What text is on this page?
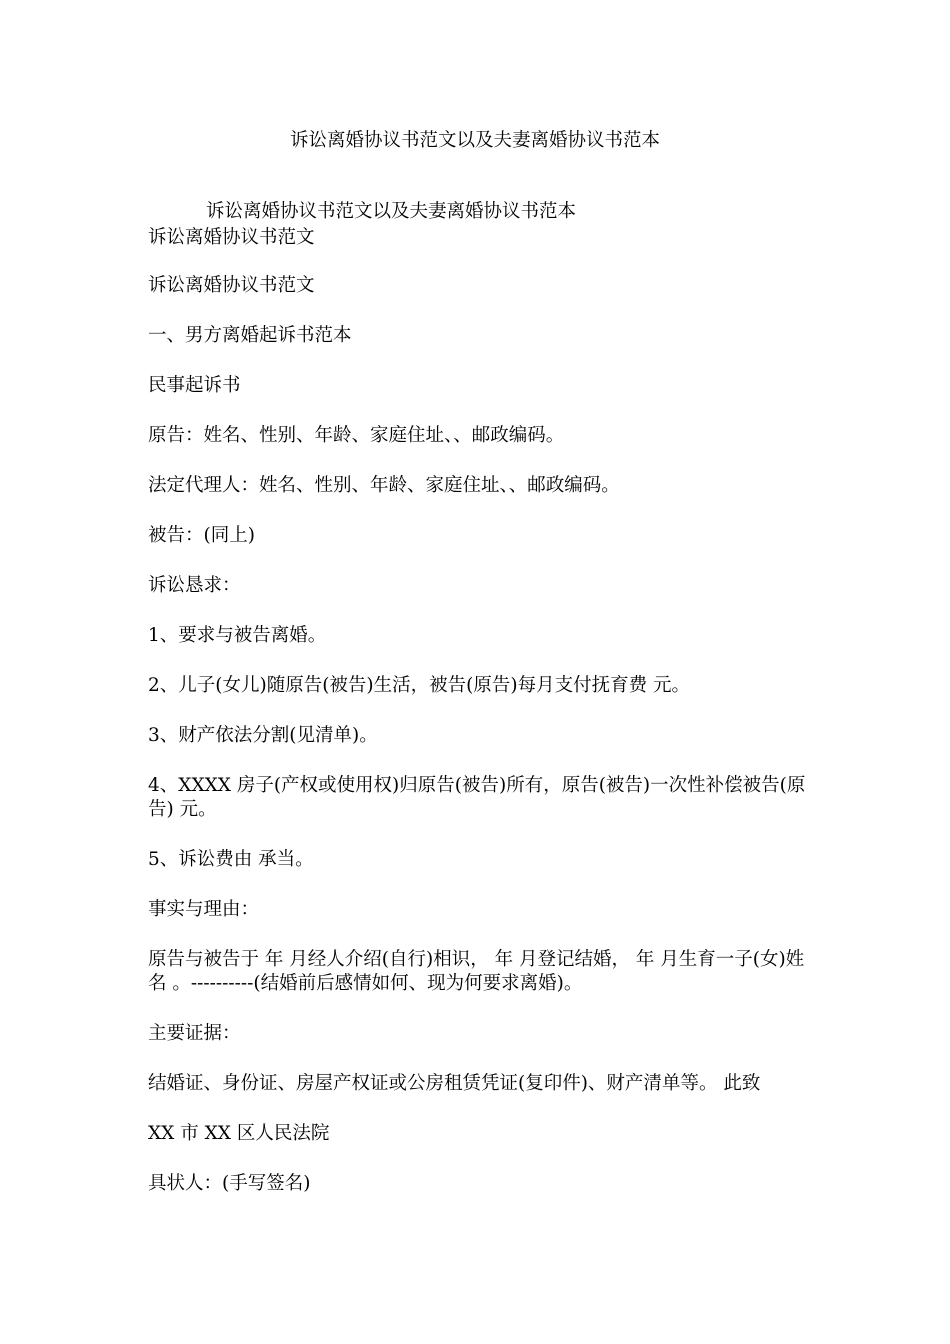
诉讼离婚协议书范文以及夫妻离婚协议书范本
诉讼离婚协议书范文以及夫妻离婚协议书范本
诉讼离婚协议书范文
诉讼离婚协议书范文
一、男方离婚起诉书范本
民事起诉书
原告：姓名、性别、年龄、家庭住址、、邮政编码。
法定代理人：姓名、性别、年龄、家庭住址、、邮政编码。
被告：(同上)
诉讼恳求：
1、要求与被告离婚。
2、儿子(女儿)随原告(被告)生活，被告(原告)每月支付抚育费 元。
3、财产依法分割(见清单)。
4、XXXX 房子(产权或使用权)归原告(被告)所有，原告(被告)一次性补偿被告(原告) 元。
5、诉讼费由 承当。
事实与理由：
原告与被告于 年 月经人介绍(自行)相识， 年 月登记结婚， 年 月生育一子(女)姓名 。----------(结婚前后感情如何、现为何要求离婚)。
主要证据：
结婚证、身份证、房屋产权证或公房租赁凭证(复印件)、财产清单等。 此致
XX 市 XX 区人民法院
具状人：(手写签名)
